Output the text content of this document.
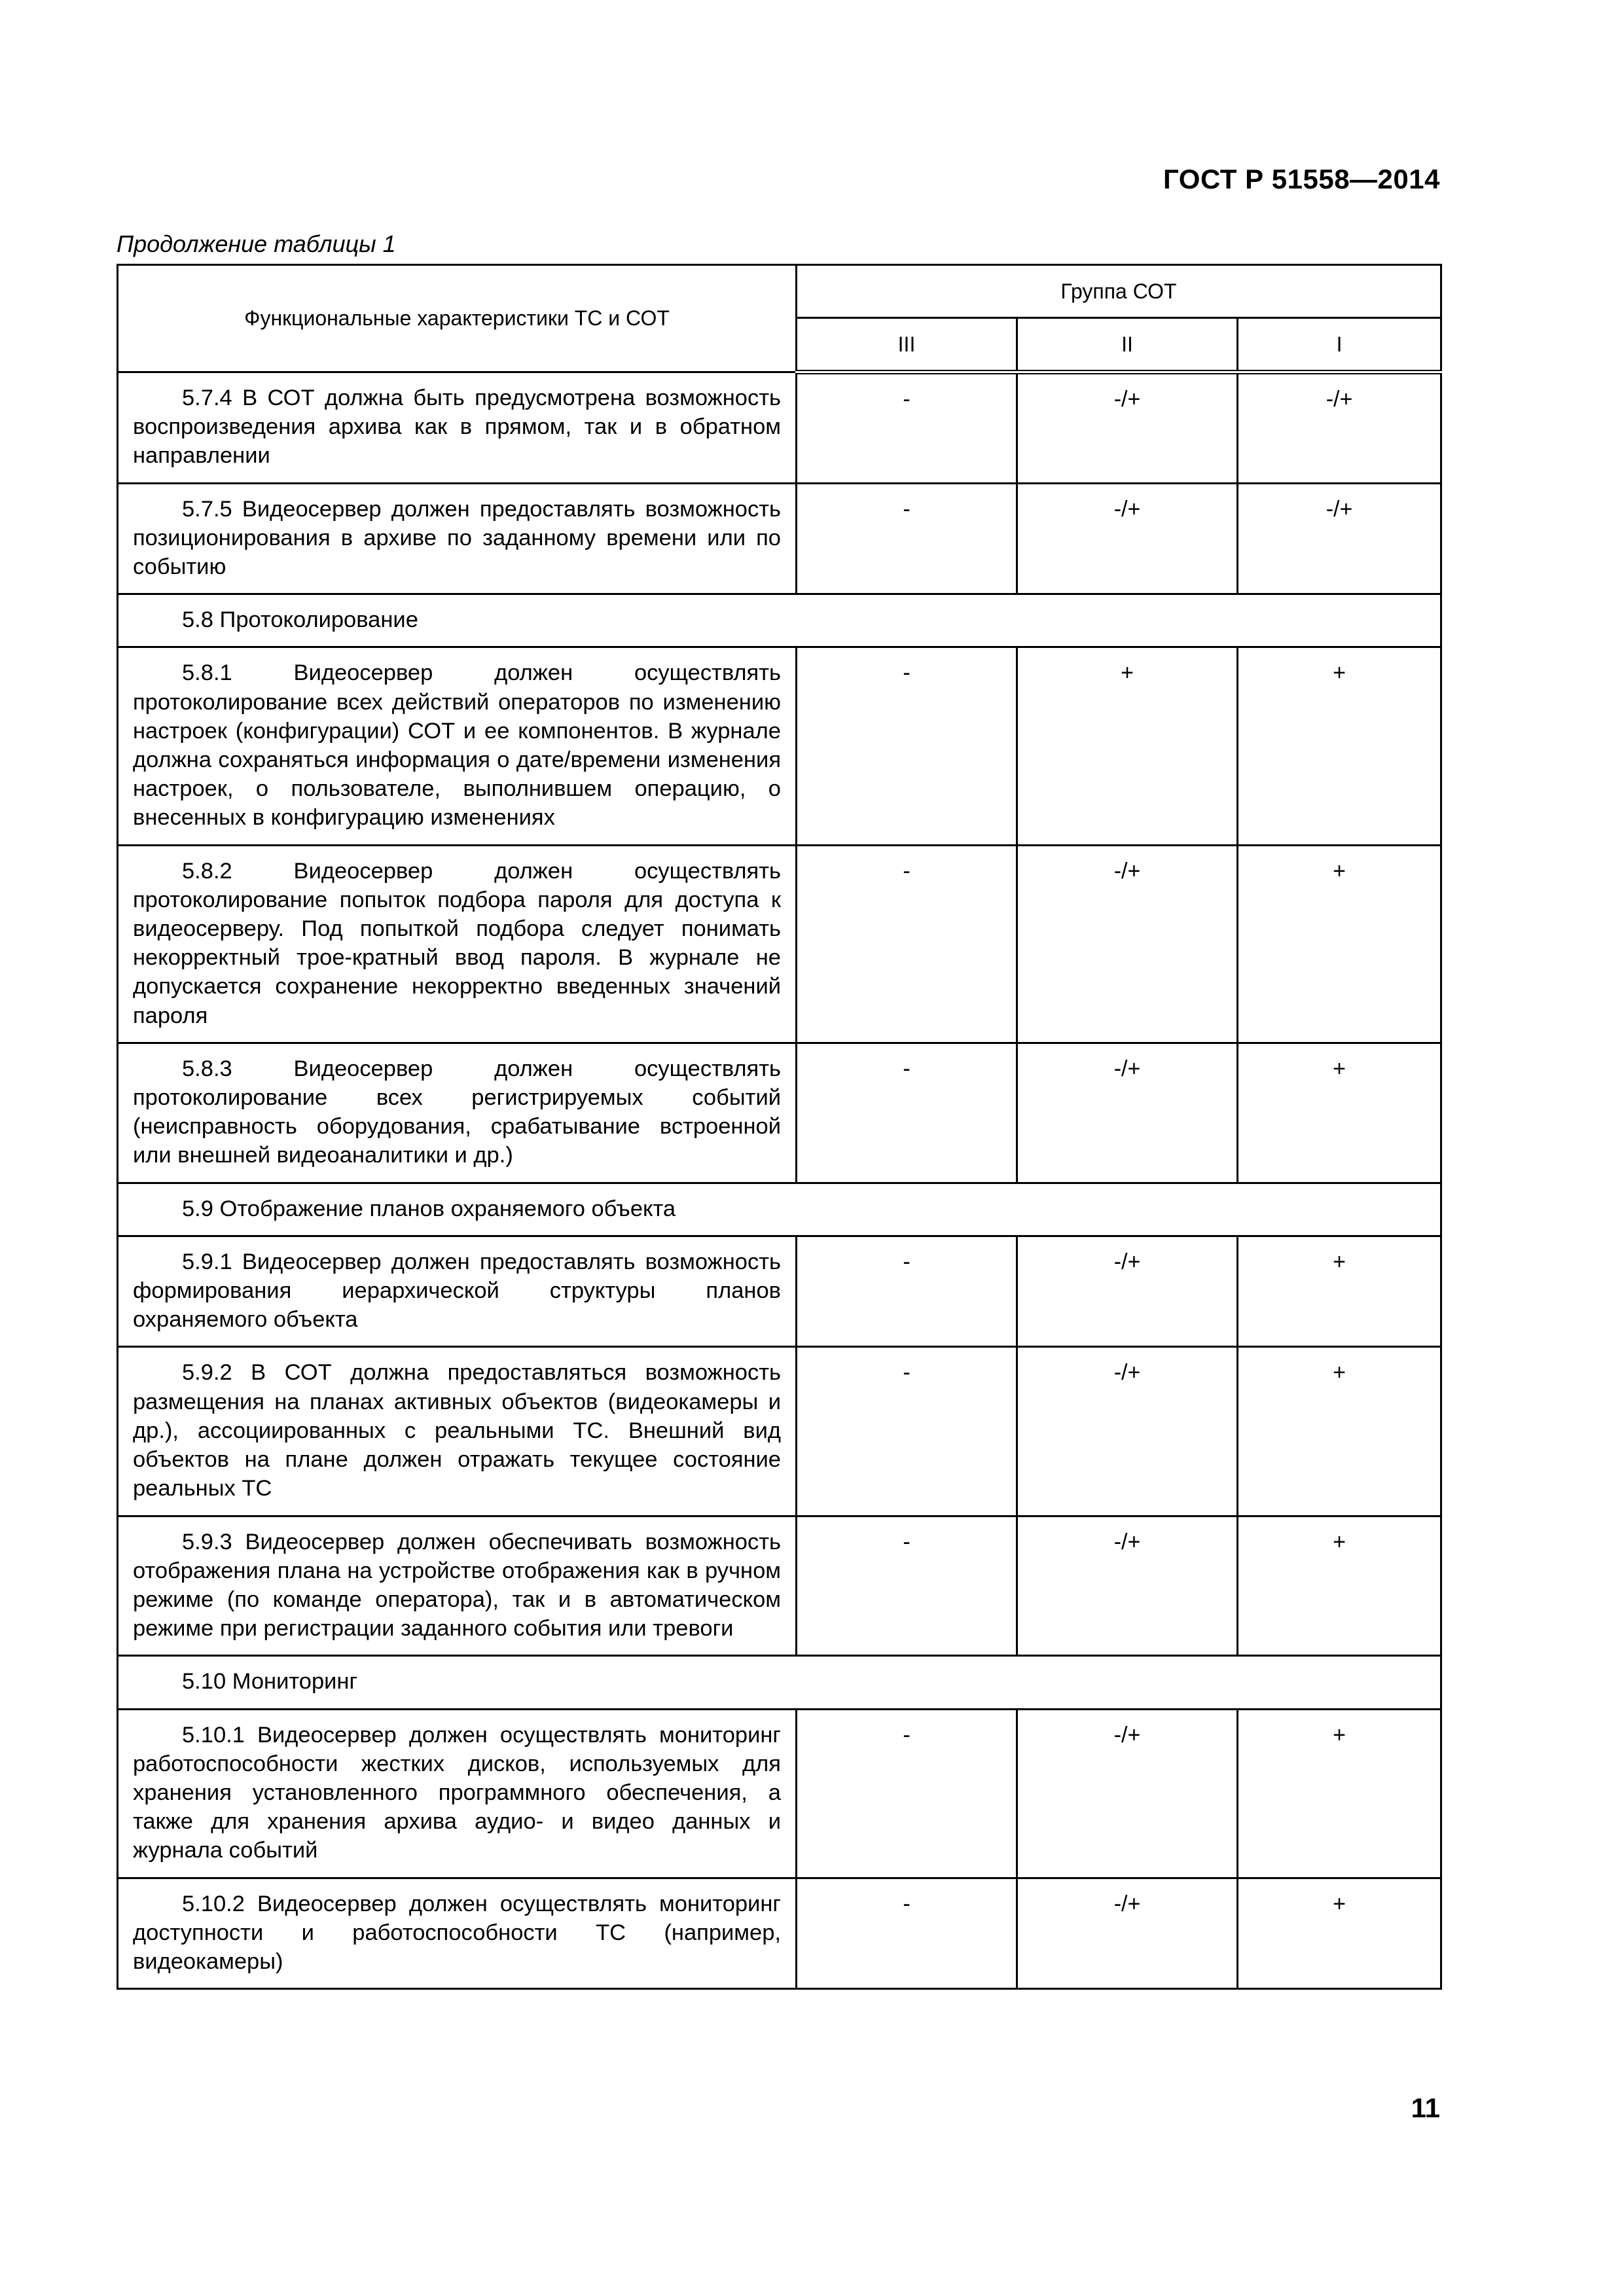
ГОСТ Р 51558—2014
Продолжение таблицы 1
Функциональные характеристики ТС и СОТ	Группа СОТ		
	III	II	I
5.7.4 В СОТ должна быть предусмотрена возможность воспроизведения архива как в прямом, так и в обратном направлении	-	-/+	-/+
5.7.5 Видеосервер должен предоставлять возможность позиционирования в архиве по заданному времени или по событию	-	-/+	-/+
5.8 Протоколирование			
5.8.1 Видеосервер должен осуществлять протоколирование всех действий операторов по изменению настроек (конфигурации) СОТ и ее компонентов. В журнале должна сохраняться информация о дате/времени изменения настроек, о пользователе, выполнившем операцию, о внесенных в конфигурацию изменениях	-	+	+
5.8.2 Видеосервер должен осуществлять протоколирование попыток подбора пароля для доступа к видеосерверу. Под попыткой подбора следует понимать некорректный трое-кратный ввод пароля. В журнале не допускается сохранение некорректно введенных значений пароля	-	-/+	+
5.8.3 Видеосервер должен осуществлять протоколирование всех регистрируемых событий (неисправность оборудования, срабатывание встроенной или внешней видеоаналитики и др.)	-	-/+	+
5.9 Отображение планов охраняемого объекта			
5.9.1 Видеосервер должен предоставлять возможность формирования иерархической структуры планов охраняемого объекта	-	-/+	+
5.9.2 В СОТ должна предоставляться возможность размещения на планах активных объектов (видеокамеры и др.), ассоциированных с реальными ТС. Внешний вид объектов на плане должен отражать текущее состояние реальных ТС	-	-/+	+
5.9.3 Видеосервер должен обеспечивать возможность отображения плана на устройстве отображения как в ручном режиме (по команде оператора), так и в автоматическом режиме при регистрации заданного события или тревоги	-	-/+	+
5.10 Мониторинг			
5.10.1 Видеосервер должен осуществлять мониторинг работоспособности жестких дисков, используемых для хранения установленного программного обеспечения, а также для хранения архива аудио- и видео данных и журнала событий	-	-/+	+
5.10.2 Видеосервер должен осуществлять мониторинг доступности и работоспособности ТС (например, видеокамеры)	-	-/+	+
11
